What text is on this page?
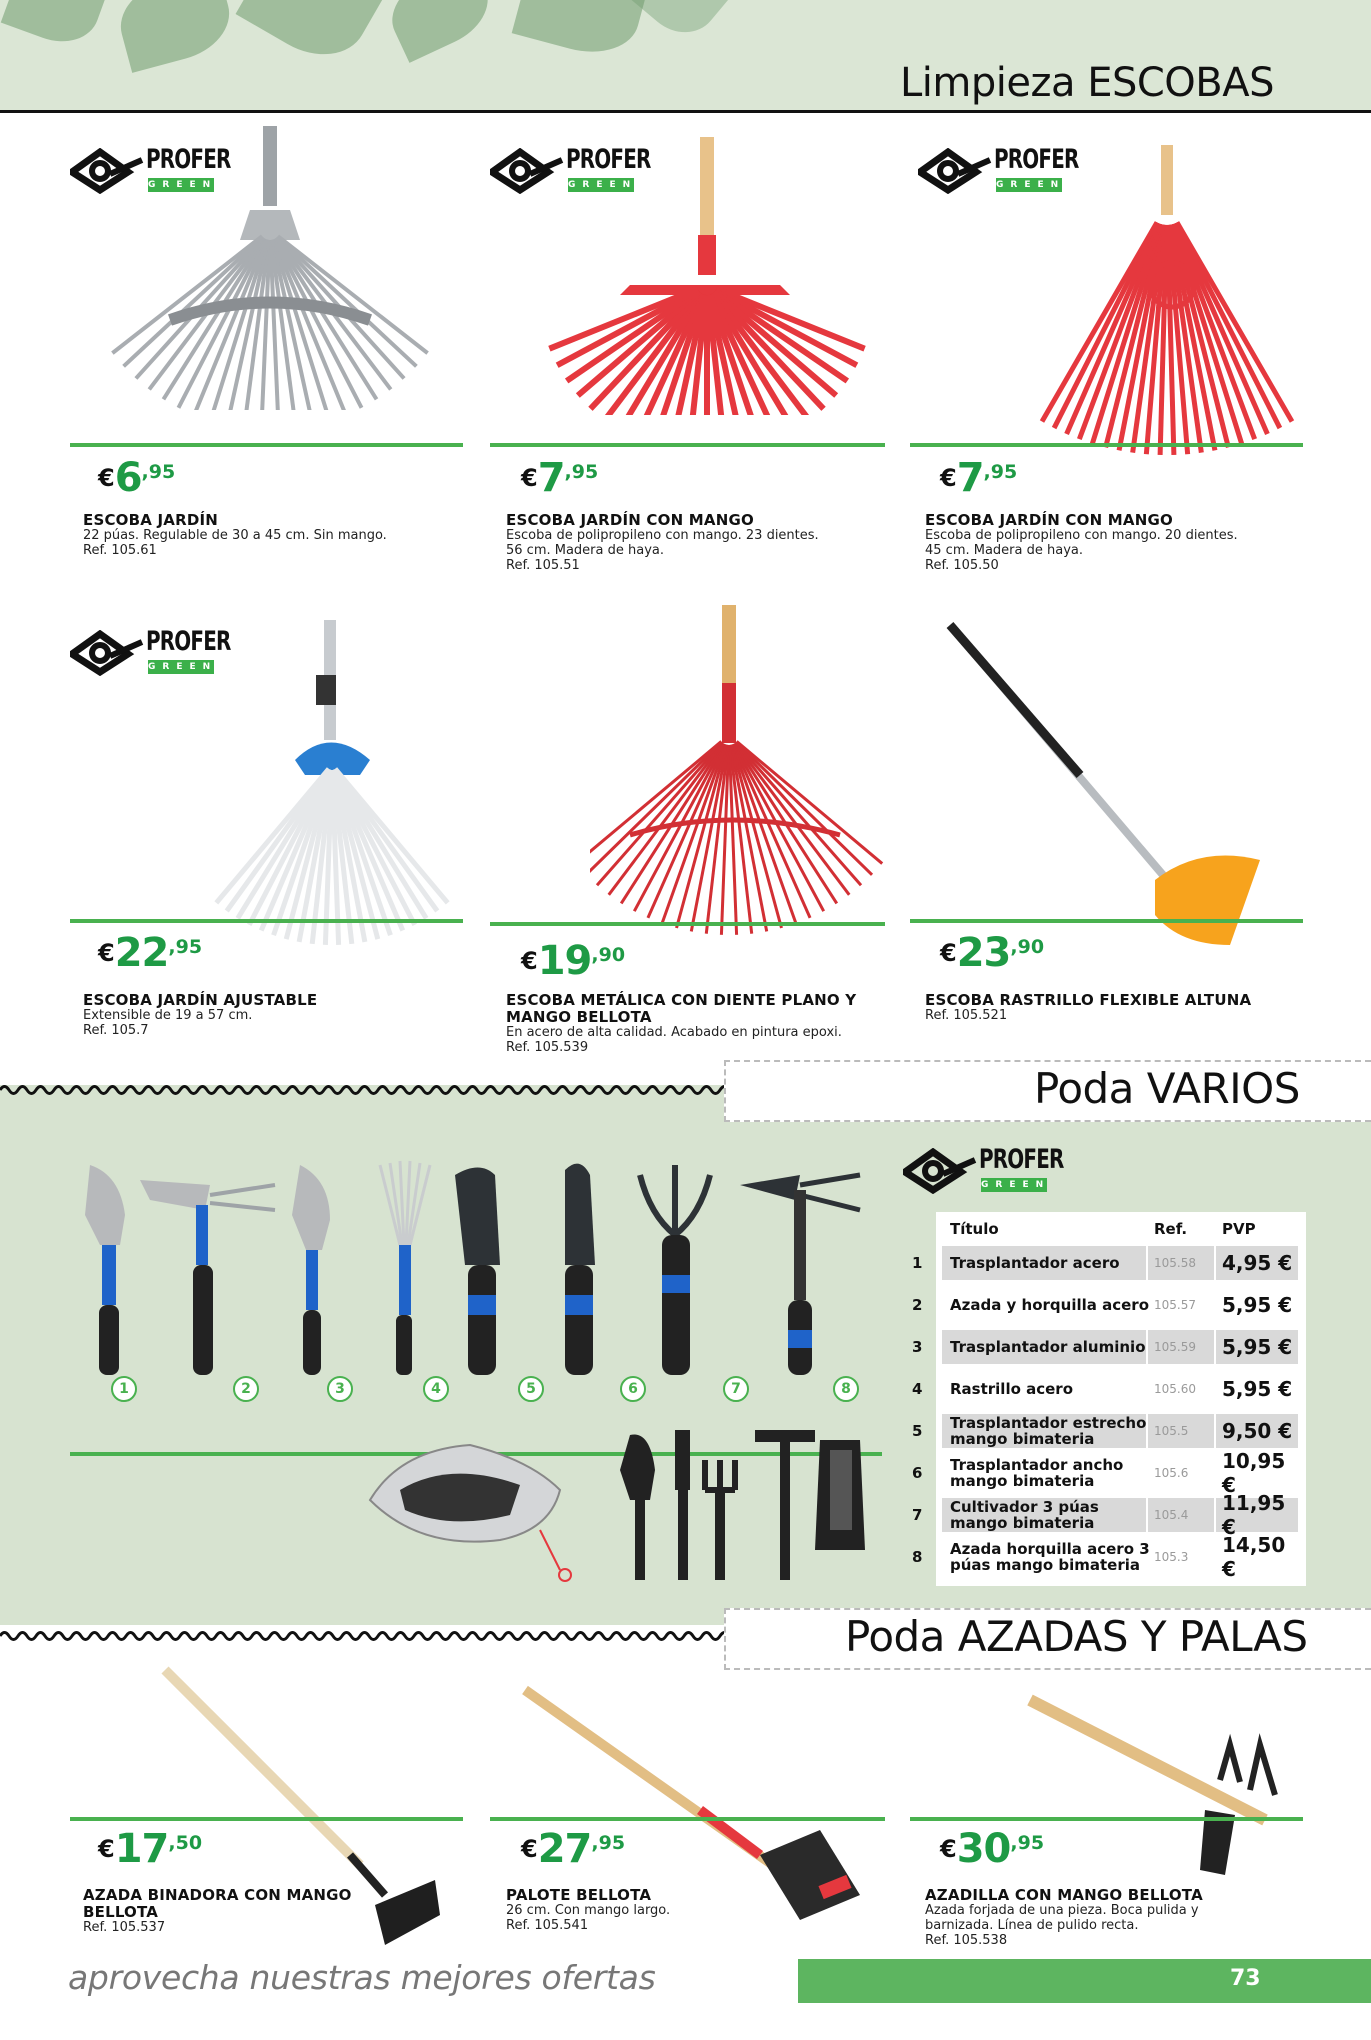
Limpieza ESCOBAS
€6,95
ESCOBA JARDÍN
22 púas. Regulable de 30 a 45 cm. Sin mango.
Ref. 105.61
€7,95
ESCOBA JARDÍN CON MANGO
Escoba de polipropileno con mango. 23 dientes.
56 cm. Madera de haya.
Ref. 105.51
€7,95
ESCOBA JARDÍN CON MANGO
Escoba de polipropileno con mango. 20 dientes.
45 cm. Madera de haya.
Ref. 105.50
€22,95
ESCOBA JARDÍN AJUSTABLE
Extensible de 19 a 57 cm.
Ref. 105.7
€19,90
ESCOBA METÁLICA CON DIENTE PLANO Y
MANGO BELLOTA
En acero de alta calidad. Acabado en pintura epoxi.
Ref. 105.539
€23,90
ESCOBA RASTRILLO FLEXIBLE ALTUNA
Ref. 105.521
€17,50
AZADA BINADORA CON MANGO
BELLOTA
Ref. 105.537
€27,95
PALOTE BELLOTA
26 cm. Con mango largo.
Ref. 105.541
€30,95
AZADILLA CON MANGO BELLOTA
Azada forjada de una pieza. Boca pulida y
barnizada. Línea de pulido recta.
Ref. 105.538
Poda VARIOS
1	2	3	4	5	6	7	8
Título	Ref. PVP
1 Trasplantador acero	105.58 4,95 €
2 Azada y horquilla acero 105.57 5,95 €
3 Trasplantador aluminio 105.59 5,95 €
4 Rastrillo acero	105.60 5,95 €
5 Trasplantador estrecho
mango bimateria	105.5 9,50 €
6 Trasplantador ancho
mango bimateria	105.6 10,95 €
7 Cultivador 3 púas
mango bimateria	105.4 11,95 €
8 Azada horquilla acero 3
púas mango bimateria	105.3 14,50 €
Poda AZADAS Y PALAS
aprovecha nuestras mejores ofertas	73
PROFER
GREEN
PROFER
GREEN
PROFER
GREEN
PROFER
GREEN
PROFER
GREEN
